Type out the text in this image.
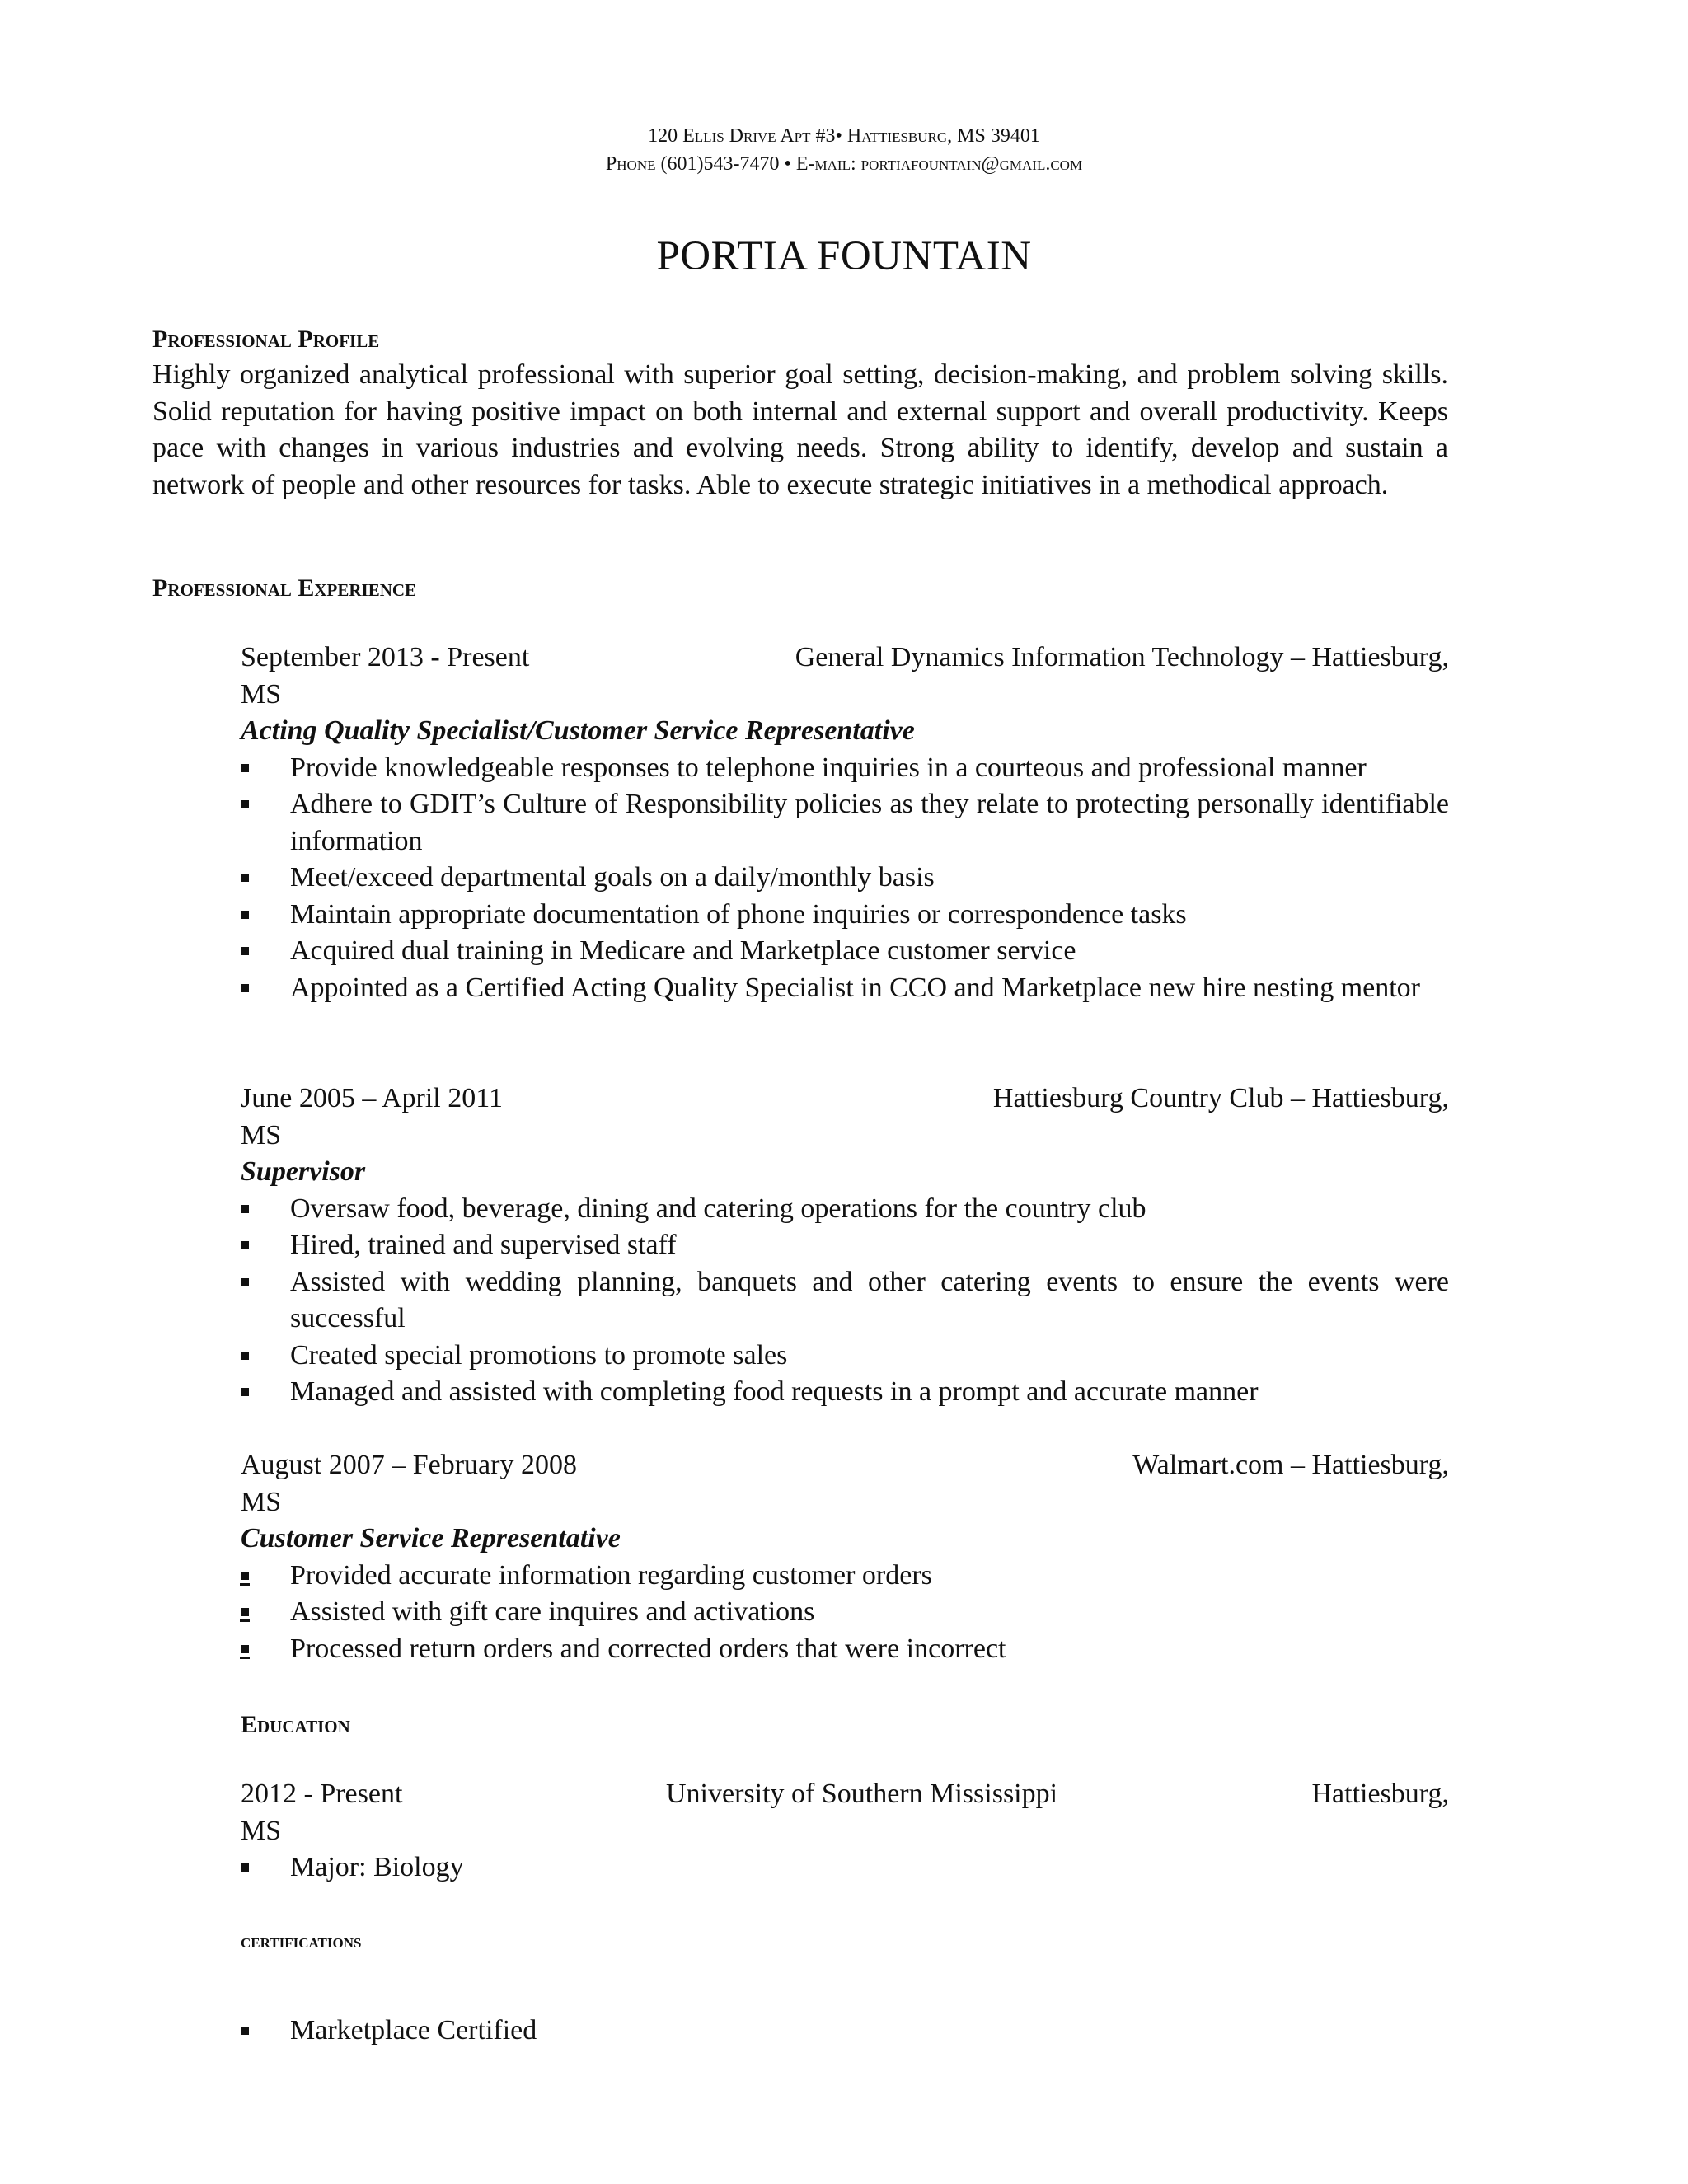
120 Ellis Drive Apt #3• Hattiesburg, MS 39401
Phone (601)543-7470 • E-mail: portiafountain@gmail.com
PORTIA FOUNTAIN
Professional Profile
Highly organized analytical professional with superior goal setting, decision-making, and problem solving skills. Solid reputation for having positive impact on both internal and external support and overall productivity. Keeps pace with changes in various industries and evolving needs. Strong ability to identify, develop and sustain a network of people and other resources for tasks. Able to execute strategic initiatives in a methodical approach.
Professional Experience
September 2013 - Present	General Dynamics Information Technology – Hattiesburg,
MS
Acting Quality Specialist/Customer Service Representative
Provide knowledgeable responses to telephone inquiries in a courteous and professional manner
Adhere to GDIT’s Culture of Responsibility policies as they relate to protecting personally identifiable information
Meet/exceed departmental goals on a daily/monthly basis
Maintain appropriate documentation of phone inquiries or correspondence tasks
Acquired dual training in Medicare and Marketplace customer service
Appointed as a Certified Acting Quality Specialist in CCO and Marketplace new hire nesting mentor
June 2005 – April 2011	Hattiesburg Country Club – Hattiesburg,
MS
Supervisor
Oversaw food, beverage, dining and catering operations for the country club
Hired, trained and supervised staff
Assisted with wedding planning, banquets and other catering events to ensure the events were successful
Created special promotions to promote sales
Managed and assisted with completing food requests in a prompt and accurate manner
August 2007 – February 2008	Walmart.com – Hattiesburg,
MS
Customer Service Representative
Provided accurate information regarding customer orders
Assisted with gift care inquires and activations
Processed return orders and corrected orders that were incorrect
Education
2012 - Present	University of Southern Mississippi	Hattiesburg,
MS
Major: Biology
certifications
Marketplace Certified
